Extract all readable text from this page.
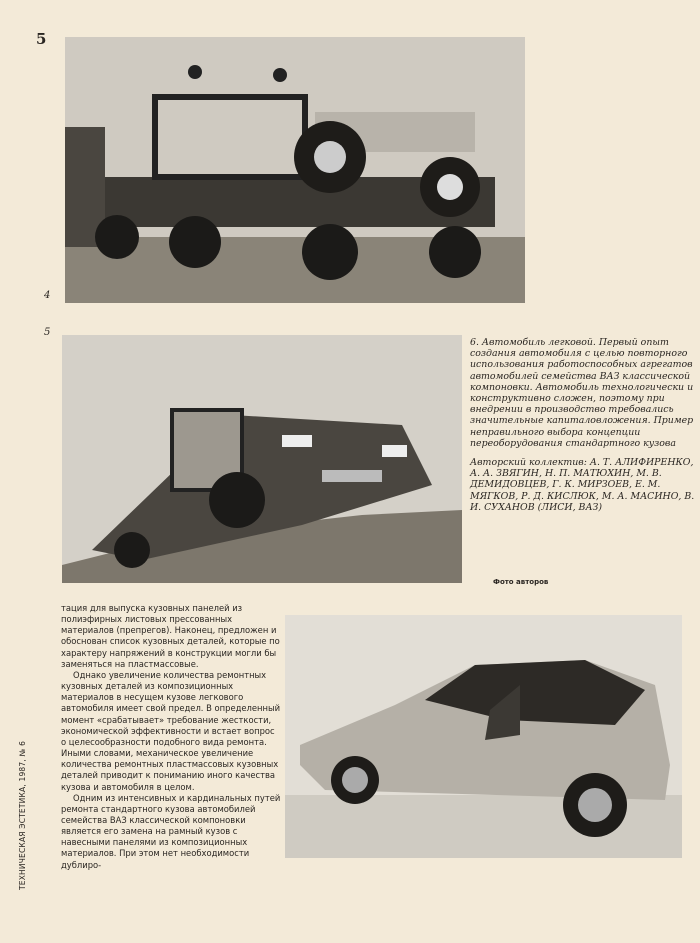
5
4
5

6. Автомобиль легковой. Первый опыт создания автомобиля с целью повторного использования работоспособных агрегатов автомобилей семейства ВАЗ классической компоновки. Автомобиль технологически и конструктивно сложен, поэтому при внедрении в производство требовались значительные капиталовложения. Пример неправильного выбора концепции переоборудования стандартного кузова

Авторский коллектив: А. Т. АЛИФИРЕНКО, А. А. ЗВЯГИН, Н. П. МАТЮХИН, М. В. ДЕМИДОВЦЕВ, Г. К. МИРЗОЕВ, Е. М. МЯГКОВ, Р. Д. КИСЛЮК, М. А. МАСИНО, В. И. СУХАНОВ (ЛИСИ, ВАЗ)

Фото авторов

тация для выпуска кузовных панелей из полиэфирных листовых прессованных материалов (препрегов). Наконец, предложен и обоснован список кузовных деталей, которые по характеру напряжений в конструкции могли бы заменяться на пластмассовые.

Однако увеличение количества ремонтных кузовных деталей из композиционных материалов в несущем кузове легкового автомобиля имеет свой предел. В определенный момент «срабатывает» требование жесткости, экономической эффективности и встает вопрос о целесообразности подобного вида ремонта. Иными словами, механическое увеличение количества ремонтных пластмассовых кузовных деталей приводит к пониманию иного качества кузова и автомобиля в целом.

Одним из интенсивных и кардинальных путей ремонта стандартного кузова автомобилей семейства ВАЗ классической компоновки является его замена на рамный кузов с навесными панелями из композиционных материалов. При этом нет необходимости дублиро-

ТЕХНИЧЕСКАЯ ЭСТЕТИКА, 1987, № 6
